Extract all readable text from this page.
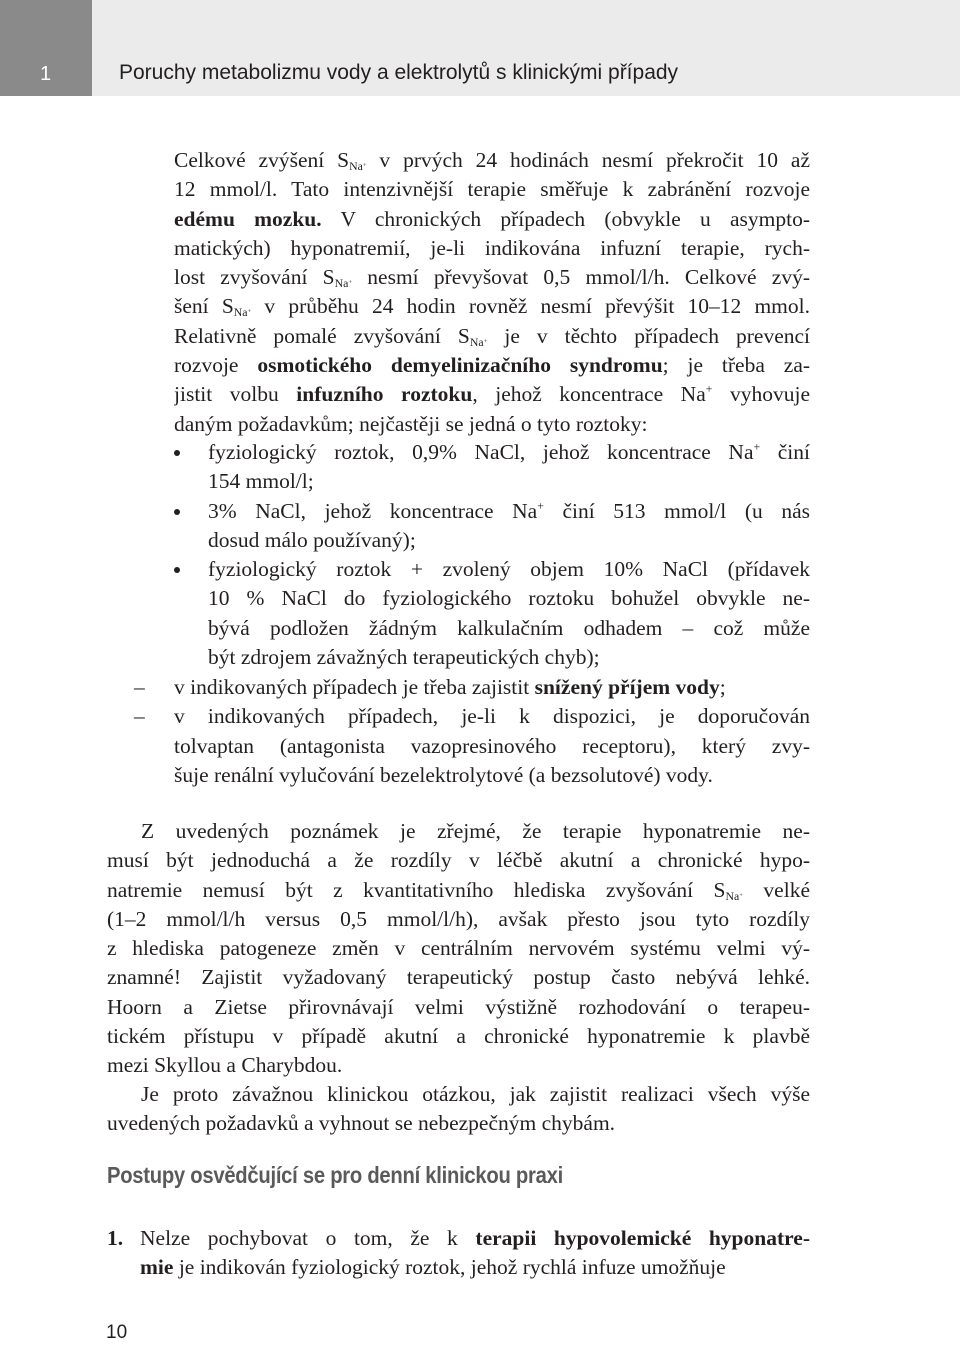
1	Poruchy metabolizmu vody a elektrolytů s klinickými případy
Celkové zvýšení $S_{Na^+}$ v prvých 24 hodinách nesmí překročit 10 až
12 mmol/l. Tato intenzivnější terapie směřuje k zabránění rozvoje
edému mozku. V chronických případech (obvykle u asympto-
matických) hyponatremií, je-li indikována infuzní terapie, rych-
lost zvyšování $S_{Na^+}$ nesmí převyšovat 0,5 mmol/l/h. Celkové zvý-
šení $S_{Na^+}$ v průběhu 24 hodin rovněž nesmí převýšit 10–12 mmol.
Relativně pomalé zvyšování $S_{Na^+}$ je v těchto případech prevencí
rozvoje osmotického demyelinizačního syndromu; je třeba za-
jistit volbu infuzního roztoku, jehož koncentrace Na+ vyhovuje
daným požadavkům; nejčastěji se jedná o tyto roztoky:
fyziologický roztok, 0,9% NaCl, jehož koncentrace Na+ činí
154 mmol/l;
3% NaCl, jehož koncentrace Na+ činí 513 mmol/l (u nás
dosud málo používaný);
fyziologický roztok + zvolený objem 10% NaCl (přídavek
10 % NaCl do fyziologického roztoku bohužel obvykle ne-
bývá podložen žádným kalkulačním odhadem – což může
být zdrojem závažných terapeutických chyb);
– v indikovaných případech je třeba zajistit snížený příjem vody;
– v indikovaných případech, je-li k dispozici, je doporučován
tolvaptan (antagonista vazopresinového receptoru), který zvy-
šuje renální vylučování bezelektrolytové (a bezsolutové) vody.
Z uvedených poznámek je zřejmé, že terapie hyponatremie ne-
musí být jednoduchá a že rozdíly v léčbě akutní a chronické hypo-
natremie nemusí být z kvantitativního hlediska zvyšování $S_{Na^+}$ velké
(1–2 mmol/l/h versus 0,5 mmol/l/h), avšak přesto jsou tyto rozdíly
z hlediska patogeneze změn v centrálním nervovém systému velmi vý-
znamné! Zajistit vyžadovaný terapeutický postup často nebývá lehké.
Hoorn a Zietse přirovnávají velmi výstižně rozhodování o terapeu-
tickém přístupu v případě akutní a chronické hyponatremie k plavbě
mezi Skyllou a Charybdou.
Je proto závažnou klinickou otázkou, jak zajistit realizaci všech výše
uvedených požadavků a vyhnout se nebezpečným chybám.
Postupy osvědčující se pro denní klinickou praxi
1. Nelze pochybovat o tom, že k terapii hypovolemické hyponatre-
mie je indikován fyziologický roztok, jehož rychlá infuze umožňuje
10
